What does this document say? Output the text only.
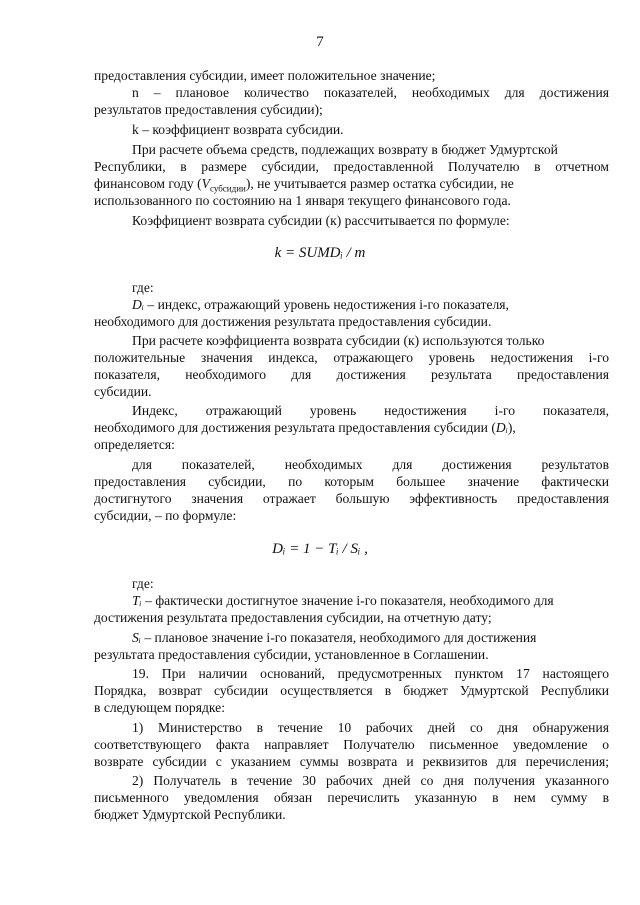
7
предоставления субсидии, имеет положительное значение;
n – плановое количество показателей, необходимых для достижения
результатов предоставления субсидии);
k – коэффициент возврата субсидии.
При расчете объема средств, подлежащих возврату в бюджет Удмуртской
Республики, в размере субсидии, предоставленной Получателю в отчетном
финансовом году $(V_{субсидии})$, не учитывается размер остатка субсидии, не
использованного по состоянию на 1 января текущего финансового года.
Коэффициент возврата субсидии (к) рассчитывается по формуле:
k = SUMDᵢ / m
где:
Dᵢ – индекс, отражающий уровень недостижения i-го показателя,
необходимого для достижения результата предоставления субсидии.
При расчете коэффициента возврата субсидии (к) используются только
положительные значения индекса, отражающего уровень недостижения i-го
показателя, необходимого для достижения результата предоставления
субсидии.
Индекс, отражающий уровень недостижения i-го показателя,
необходимого для достижения результата предоставления субсидии (Dᵢ),
определяется:
для показателей, необходимых для достижения результатов
предоставления субсидии, по которым большее значение фактически
достигнутого значения отражает большую эффективность предоставления
субсидии, – по формуле:
Dᵢ = 1 − Tᵢ / Sᵢ ,
где:
Tᵢ – фактически достигнутое значение i-го показателя, необходимого для
достижения результата предоставления субсидии, на отчетную дату;
Sᵢ – плановое значение i-го показателя, необходимого для достижения
результата предоставления субсидии, установленное в Соглашении.
19. При наличии оснований, предусмотренных пунктом 17 настоящего
Порядка, возврат субсидии осуществляется в бюджет Удмуртской Республики
в следующем порядке:
1) Министерство в течение 10 рабочих дней со дня обнаружения
соответствующего факта направляет Получателю письменное уведомление о
возврате субсидии с указанием суммы возврата и реквизитов для перечисления;
2) Получатель в течение 30 рабочих дней со дня получения указанного
письменного уведомления обязан перечислить указанную в нем сумму в
бюджет Удмуртской Республики.
